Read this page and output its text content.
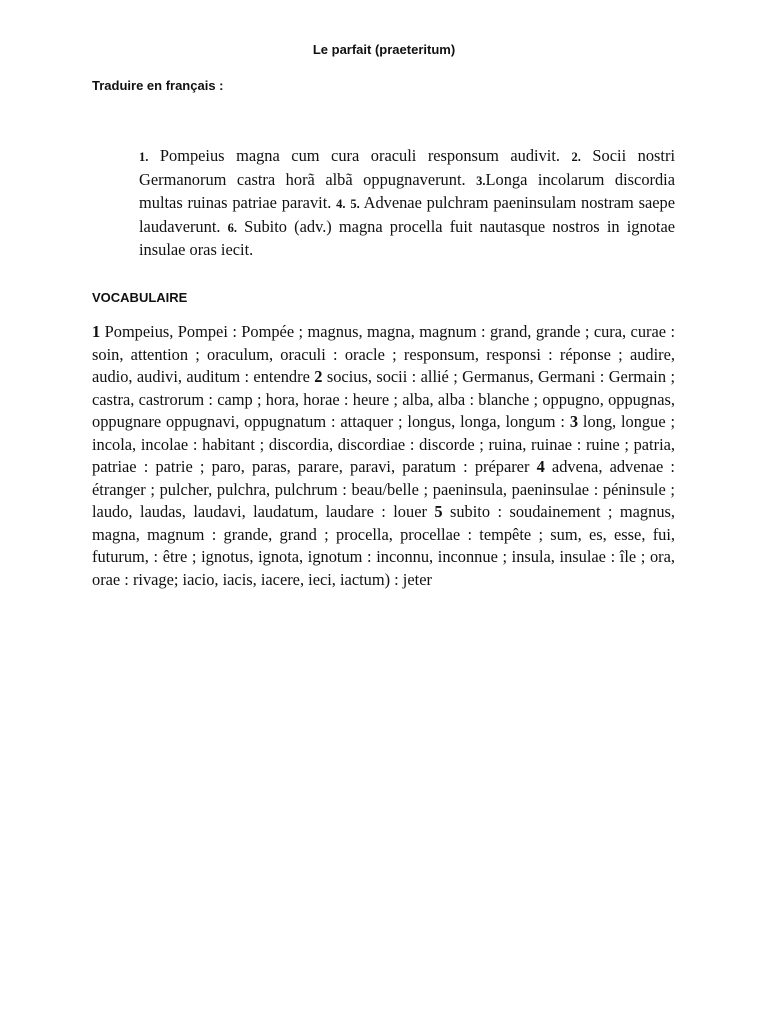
Le parfait (praeteritum)
Traduire en français :

1. Pompeius magna cum cura oraculi responsum audivit. 2. Socii nostri Germanorum castra horã albã oppugnaverunt. 3.Longa incolarum discordia multas ruinas patriae paravit. 4. 5. Advenae pulchram paeninsulam nostram saepe laudaverunt. 6. Subito (adv.) magna procella fuit nautasque nostros in ignotae insulae oras iecit.

VOCABULAIRE

1 Pompeius, Pompei : Pompée ; magnus, magna, magnum : grand, grande ; cura, curae : soin, attention ; oraculum, oraculi : oracle ; responsum, responsi : réponse ; audire, audio, audivi, auditum : entendre 2 socius, socii : allié ; Germanus, Germani : Germain ; castra, castrorum : camp ; hora, horae : heure ; alba, alba : blanche ; oppugno, oppugnas, oppugnare oppugnavi, oppugnatum : attaquer ; longus, longa, longum : 3 long, longue ; incola, incolae : habitant ; discordia, discordiae : discorde ; ruina, ruinae : ruine ; patria, patriae : patrie ; paro, paras, parare, paravi, paratum : préparer 4 advena, advenae : étranger ; pulcher, pulchra, pulchrum : beau/belle ; paeninsula, paeninsulae : péninsule ; laudo, laudas, laudavi, laudatum, laudare : louer 5 subito : soudainement ; magnus, magna, magnum : grande, grand ; procella, procellae : tempête ; sum, es, esse, fui, futurum, : être ; ignotus, ignota, ignotum : inconnu, inconnue ; insula, insulae : île ; ora, orae : rivage; iacio, iacis, iacere, ieci, iactum) : jeter
